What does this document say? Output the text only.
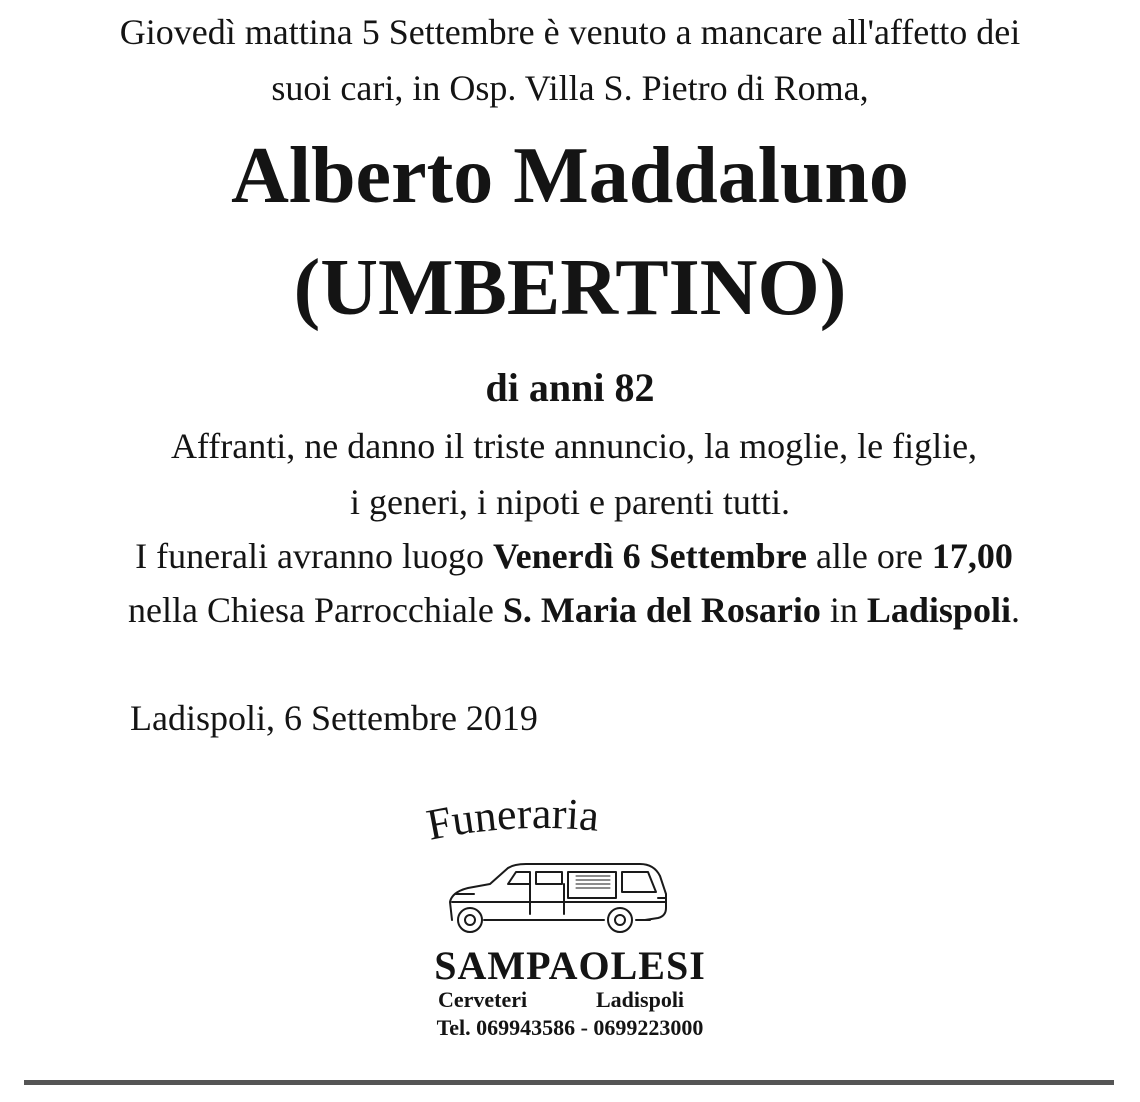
Giovedì mattina 5 Settembre è venuto a mancare all'affetto dei
suoi cari, in Osp. Villa S. Pietro di Roma,
Alberto Maddaluno
(UMBERTINO)
di anni 82
Affranti, ne danno il triste annuncio, la moglie, le figlie,
i generi, i nipoti e parenti tutti.
I funerali avranno luogo Venerdì 6 Settembre alle ore 17,00
nella Chiesa Parrocchiale S. Maria del Rosario in Ladispoli.
Ladispoli, 6 Settembre 2019
Funeraria
SAMPAOLESI
Cerveteri	Ladispoli
Tel. 069943586 - 0699223000
